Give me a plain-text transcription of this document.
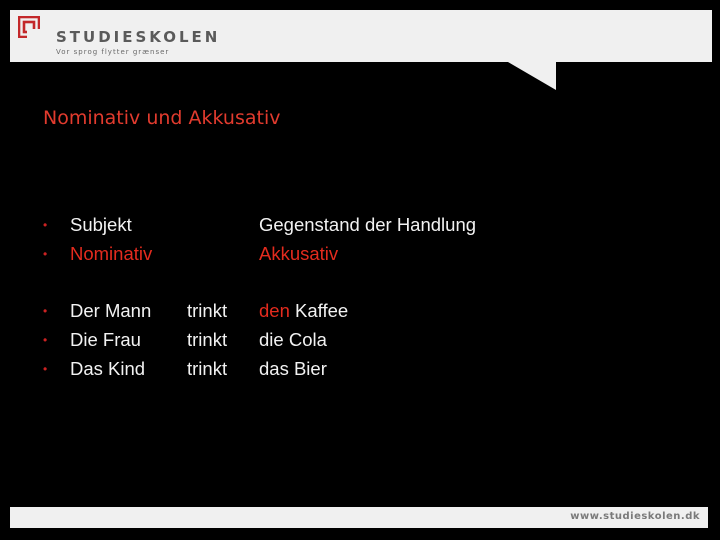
STUDIESKOLEN
Vor sprog flytter grænser
Nominativ und Akkusativ
• Subjekt	Gegenstand der Handlung
• Nominativ	Akkusativ
• Der Mann trinkt den Kaffee
• Die Frau trinkt die Cola
• Das Kind trinkt das Bier
www.studieskolen.dk
